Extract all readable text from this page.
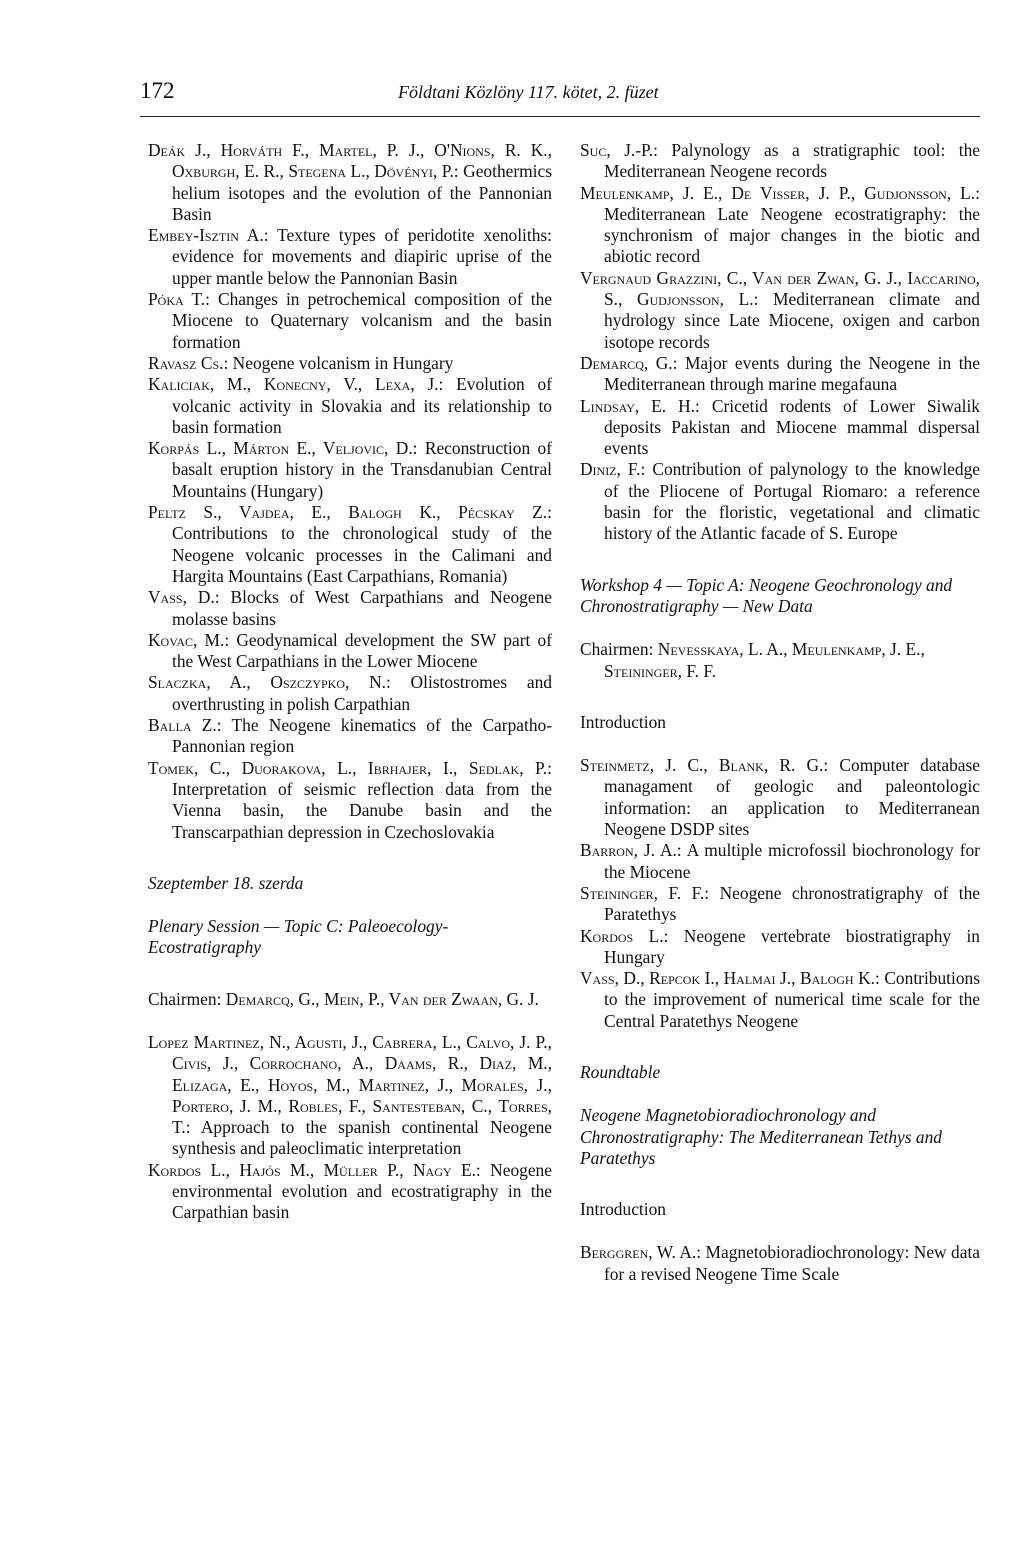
172	Földtani Közlöny 117. kötet, 2. füzet

Deák J., Horváth F., Martel, P. J., O'Nions, R. K., Oxburgh, E. R., Stegena L., Dövényi, P.: Geothermics helium isotopes and the evolution of the Pannonian Basin

Embey-Isztin A.: Texture types of peridotite xenoliths: evidence for movements and diapiric uprise of the upper mantle below the Pannonian Basin

Póka T.: Changes in petrochemical composition of the Miocene to Quaternary volcanism and the basin formation

Ravasz Cs.: Neogene volcanism in Hungary

Kaliciak, M., Konecny, V., Lexa, J.: Evolution of volcanic activity in Slovakia and its relationship to basin formation

Korpás L., Márton E., Veljovic, D.: Reconstruction of basalt eruption history in the Transdanubian Central Mountains (Hungary)

Peltz S., Vajdea, E., Balogh K., Pécskay Z.: Contributions to the chronological study of the Neogene volcanic processes in the Calimani and Hargita Mountains (East Carpathians, Romania)

Vass, D.: Blocks of West Carpathians and Neogene molasse basins

Kovac, M.: Geodynamical development the SW part of the West Carpathians in the Lower Miocene

Slaczka, A., Oszczypko, N.: Olistostromes and overthrusting in polish Carpathian

Balla Z.: The Neogene kinematics of the Carpatho-Pannonian region

Tomek, C., Duorakova, L., Ibrhajer, I., Sedlak, P.: Interpretation of seismic reflection data from the Vienna basin, the Danube basin and the Transcarpathian depression in Czechoslovakia

Szeptember 18. szerda

Plenary Session — Topic C: Paleoecology-Ecostratigraphy

Chairmen: Demarcq, G., Mein, P., Van der Zwaan, G. J.

Lopez Martinez, N., Agusti, J., Cabrera, L., Calvo, J. P., Civis, J., Corrochano, A., Daams, R., Diaz, M., Elizaga, E., Hoyos, M., Martinez, J., Morales, J., Portero, J. M., Robles, F., Santesteban, C., Torres, T.: Approach to the spanish continental Neogene synthesis and paleoclimatic interpretation

Kordos L., Hajós M., Müller P., Nagy E.: Neogene environmental evolution and ecostratigraphy in the Carpathian basin

Suc, J.-P.: Palynology as a stratigraphic tool: the Mediterranean Neogene records

Meulenkamp, J. E., De Visser, J. P., Gudjonsson, L.: Mediterranean Late Neogene ecostratigraphy: the synchronism of major changes in the biotic and abiotic record

Vergnaud Grazzini, C., Van der Zwan, G. J., Iaccarino, S., Gudjonsson, L.: Mediterranean climate and hydrology since Late Miocene, oxigen and carbon isotope records

Demarcq, G.: Major events during the Neogene in the Mediterranean through marine megafauna

Lindsay, E. H.: Cricetid rodents of Lower Siwalik deposits Pakistan and Miocene mammal dispersal events

Diniz, F.: Contribution of palynology to the knowledge of the Pliocene of Portugal Riomaro: a reference basin for the floristic, vegetational and climatic history of the Atlantic facade of S. Europe

Workshop 4 — Topic A: Neogene Geochronology and Chronostratigraphy — New Data

Chairmen: Nevesskaya, L. A., Meulenkamp, J. E., Steininger, F. F.

Introduction

Steinmetz, J. C., Blank, R. G.: Computer database managament of geologic and paleontologic information: an application to Mediterranean Neogene DSDP sites

Barron, J. A.: A multiple microfossil biochronology for the Miocene

Steininger, F. F.: Neogene chronostratigraphy of the Paratethys

Kordos L.: Neogene vertebrate biostratigraphy in Hungary

Vass, D., Repcok I., Halmai J., Balogh K.: Contributions to the improvement of numerical time scale for the Central Paratethys Neogene

Roundtable

Neogene Magnetobioradiochronology and Chronostratigraphy: The Mediterranean Tethys and Paratethys

Introduction

Berggren, W. A.: Magnetobioradiochronology: New data for a revised Neogene Time Scale
